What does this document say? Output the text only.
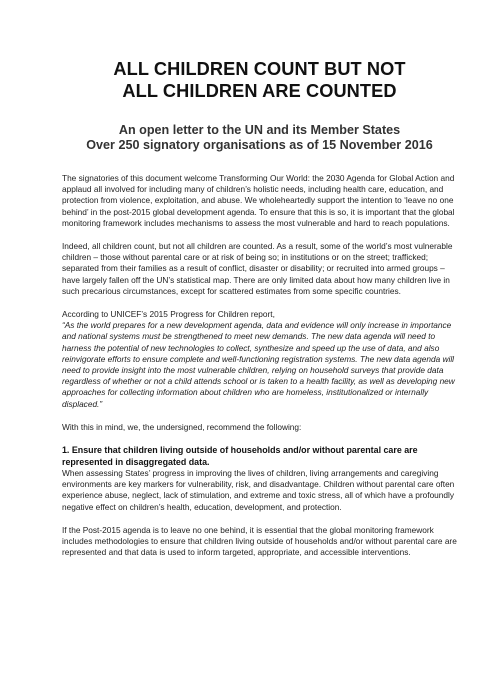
ALL CHILDREN COUNT BUT NOT
ALL CHILDREN ARE COUNTED
An open letter to the UN and its Member States
Over 250 signatory organisations as of 15 November 2016

The signatories of this document welcome Transforming Our World: the 2030 Agenda for Global Action and applaud all involved for including many of children’s holistic needs, including health care, education, and protection from violence, exploitation, and abuse. We wholeheartedly support the intention to ‘leave no one behind’ in the post-2015 global development agenda. To ensure that this is so, it is important that the global monitoring framework includes mechanisms to assess the most vulnerable and hard to reach populations.

Indeed, all children count, but not all children are counted. As a result, some of the world’s most vulnerable children – those without parental care or at risk of being so; in institutions or on the street; trafficked; separated from their families as a result of conflict, disaster or disability; or recruited into armed groups – have largely fallen off the UN’s statistical map. There are only limited data about how many children live in such precarious circumstances, except for scattered estimates from some specific countries.

According to UNICEF’s 2015 Progress for Children report,
“As the world prepares for a new development agenda, data and evidence will only increase in importance and national systems must be strengthened to meet new demands. The new data agenda will need to harness the potential of new technologies to collect, synthesize and speed up the use of data, and also reinvigorate efforts to ensure complete and well-functioning registration systems. The new data agenda will need to provide insight into the most vulnerable children, relying on household surveys that provide data regardless of whether or not a child attends school or is taken to a health facility, as well as developing new approaches for collecting information about children who are homeless, institutionalized or internally displaced.”

With this in mind, we, the undersigned, recommend the following:

1. Ensure that children living outside of households and/or without parental care are represented in disaggregated data.

When assessing States’ progress in improving the lives of children, living arrangements and caregiving environments are key markers for vulnerability, risk, and disadvantage. Children without parental care often experience abuse, neglect, lack of stimulation, and extreme and toxic stress, all of which have a profoundly negative effect on children’s health, education, development, and protection.

If the Post-2015 agenda is to leave no one behind, it is essential that the global monitoring framework includes methodologies to ensure that children living outside of households and/or without parental care are represented and that data is used to inform targeted, appropriate, and accessible interventions.
